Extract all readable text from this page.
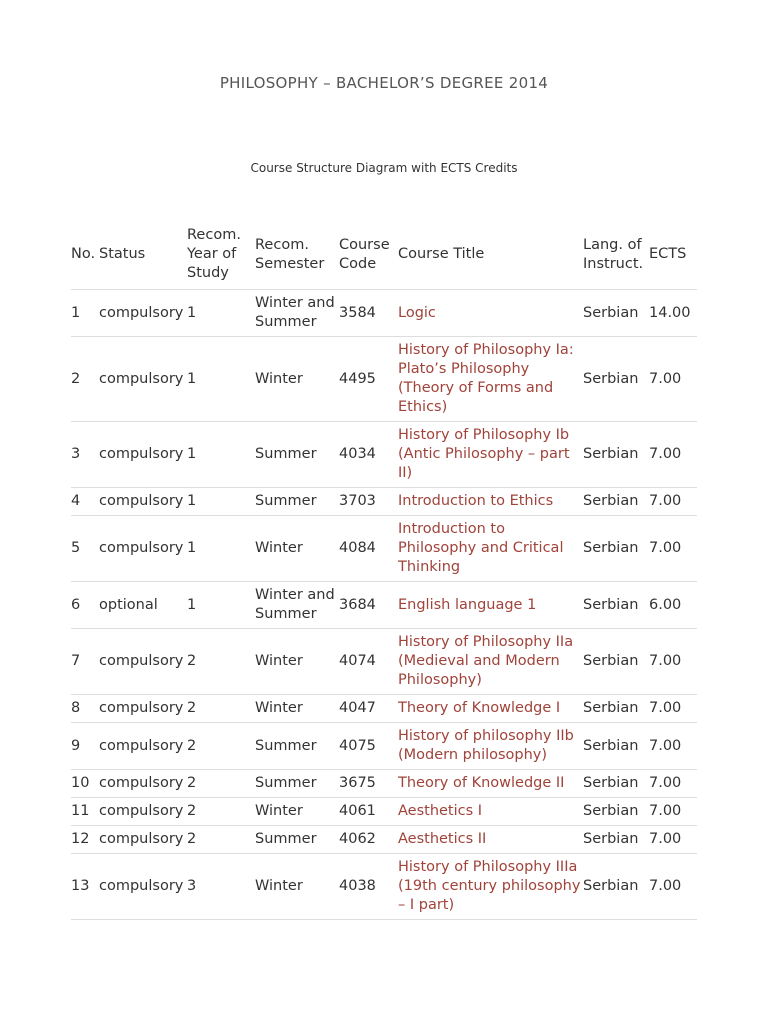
PHILOSOPHY – BACHELOR’S DEGREE 2014
Course Structure Diagram with ECTS Credits
No.	Status	Recom. Year of Study	Recom. Semester	Course Code	Course Title	Lang. of Instruct.	ECTS
1	compulsory	1	Winter and Summer	3584	Logic	Serbian	14.00
2	compulsory	1	Winter	4495	History of Philosophy Ia: Plato’s Philosophy (Theory of Forms and Ethics)	Serbian	7.00
3	compulsory	1	Summer	4034	History of Philosophy Ib (Antic Philosophy – part II)	Serbian	7.00
4	compulsory	1	Summer	3703	Introduction to Ethics	Serbian	7.00
5	compulsory	1	Winter	4084	Introduction to Philosophy and Critical Thinking	Serbian	7.00
6	optional	1	Winter and Summer	3684	English language 1	Serbian	6.00
7	compulsory	2	Winter	4074	History of Philosophy IIa (Medieval and Modern Philosophy)	Serbian	7.00
8	compulsory	2	Winter	4047	Theory of Knowledge I	Serbian	7.00
9	compulsory	2	Summer	4075	History of philosophy IIb (Modern philosophy)	Serbian	7.00
10	compulsory	2	Summer	3675	Theory of Knowledge II	Serbian	7.00
11	compulsory	2	Winter	4061	Aesthetics I	Serbian	7.00
12	compulsory	2	Summer	4062	Aesthetics II	Serbian	7.00
13	compulsory	3	Winter	4038	History of Philosophy IIIa (19th century philosophy – I part)	Serbian	7.00
